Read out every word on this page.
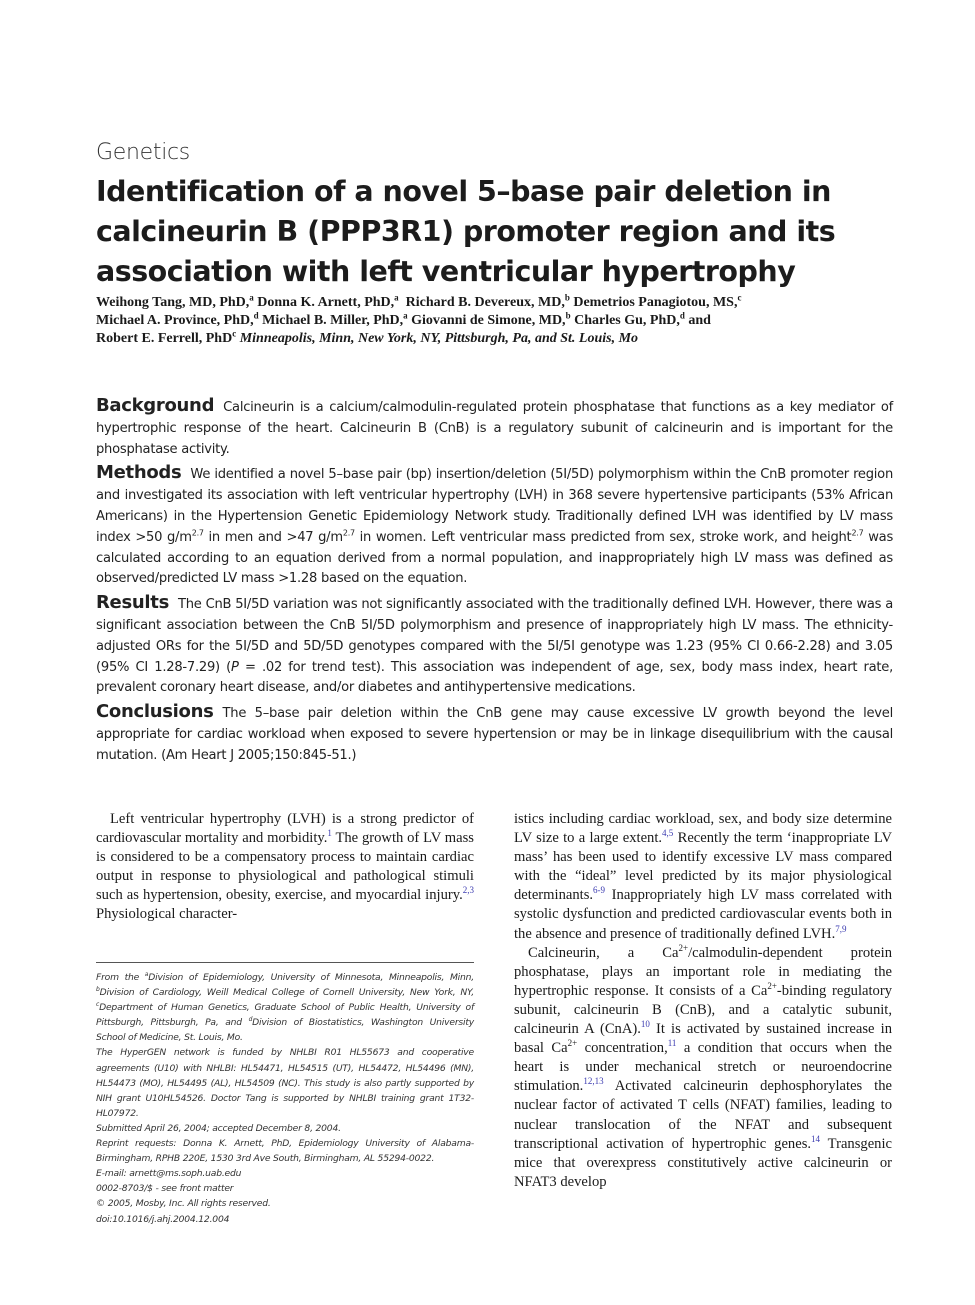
Genetics
Identification of a novel 5–base pair deletion in calcineurin B (PPP3R1) promoter region and its association with left ventricular hypertrophy

Weihong Tang, MD, PhD,$^a$ Donna K. Arnett, PhD,$^a$ Richard B. Devereux, MD,$^b$ Demetrios Panagiotou, MS,$^c$
Michael A. Province, PhD,$^d$ Michael B. Miller, PhD,$^a$ Giovanni de Simone, MD,$^b$ Charles Gu, PhD,$^d$ and
Robert E. Ferrell, PhD$^c$ Minneapolis, Minn, New York, NY, Pittsburgh, Pa, and St. Louis, Mo

Background Calcineurin is a calcium/calmodulin-regulated protein phosphatase that functions as a key mediator of hypertrophic response of the heart. Calcineurin B (CnB) is a regulatory subunit of calcineurin and is important for the phosphatase activity.

Methods We identified a novel 5–base pair (bp) insertion/deletion (5I/5D) polymorphism within the CnB promoter region and investigated its association with left ventricular hypertrophy (LVH) in 368 severe hypertensive participants (53% African Americans) in the Hypertension Genetic Epidemiology Network study. Traditionally defined LVH was identified by LV mass index >50 $g/m^{2.7}$ in men and >47 $g/m^{2.7}$ in women. Left ventricular mass predicted from sex, stroke work, and height$^{2.7}$ was calculated according to an equation derived from a normal population, and inappropriately high LV mass was defined as observed/predicted LV mass >1.28 based on the equation.

Results The CnB 5I/5D variation was not significantly associated with the traditionally defined LVH. However, there was a significant association between the CnB 5I/5D polymorphism and presence of inappropriately high LV mass. The ethnicity-adjusted ORs for the 5I/5D and 5D/5D genotypes compared with the 5I/5I genotype was 1.23 (95% CI 0.66-2.28) and 3.05 (95% CI 1.28-7.29) (P = .02 for trend test). This association was independent of age, sex, body mass index, heart rate, prevalent coronary heart disease, and/or diabetes and antihypertensive medications.

Conclusions The 5–base pair deletion within the CnB gene may cause excessive LV growth beyond the level appropriate for cardiac workload when exposed to severe hypertension or may be in linkage disequilibrium with the causal mutation. (Am Heart J 2005;150:845-51.)

Left ventricular hypertrophy (LVH) is a strong predictor of cardiovascular mortality and morbidity.$^1$ The growth of LV mass is considered to be a compensatory process to maintain cardiac output in response to physiological and pathological stimuli such as hypertension, obesity, exercise, and myocardial injury.$^{2,3}$ Physiological character-

istics including cardiac workload, sex, and body size determine LV size to a large extent.$^{4,5}$ Recently the term ‘inappropriate LV mass’ has been used to identify excessive LV mass compared with the “ideal” level predicted by its major physiological determinants.$^{6-9}$ Inappropriately high LV mass correlated with systolic dysfunction and predicted cardiovascular events both in the absence and presence of traditionally defined LVH.$^{7,9}$

Calcineurin, a $Ca^{2+}/calmodulin$-dependent protein phosphatase, plays an important role in mediating the hypertrophic response. It consists of a $Ca^{2+}$-binding regulatory subunit, calcineurin B (CnB), and a catalytic subunit, calcineurin A (CnA).$^{10}$ It is activated by sustained increase in basal $Ca^{2+}$ concentration,$^{11}$ a condition that occurs when the heart is under mechanical stretch or neuroendocrine stimulation.$^{12,13}$ Activated calcineurin dephosphorylates the nuclear factor of activated T cells (NFAT) families, leading to nuclear translocation of the NFAT and subsequent transcriptional activation of hypertrophic genes.$^{14}$ Transgenic mice that overexpress constitutively active calcineurin or NFAT3 develop

From the $^a$Division of Epidemiology, University of Minnesota, Minneapolis, Minn, $^b$Division of Cardiology, Weill Medical College of Cornell University, New York, NY, $^c$Department of Human Genetics, Graduate School of Public Health, University of Pittsburgh, Pittsburgh, Pa, and $^d$Division of Biostatistics, Washington University School of Medicine, St. Louis, Mo.

The HyperGEN network is funded by NHLBI R01 HL55673 and cooperative agreements (U10) with NHLBI: HL54471, HL54515 (UT), HL54472, HL54496 (MN), HL54473 (MO), HL54495 (AL), HL54509 (NC). This study is also partly supported by NIH grant U10HL54526. Doctor Tang is supported by NHLBI training grant 1T32-HL07972.

Submitted April 26, 2004; accepted December 8, 2004.

Reprint requests: Donna K. Arnett, PhD, Epidemiology University of Alabama-Birmingham, RPHB 220E, 1530 3rd Ave South, Birmingham, AL 55294-0022.

E-mail: arnett@ms.soph.uab.edu

0002-8703/$ - see front matter

© 2005, Mosby, Inc. All rights reserved.

doi:10.1016/j.ahj.2004.12.004
